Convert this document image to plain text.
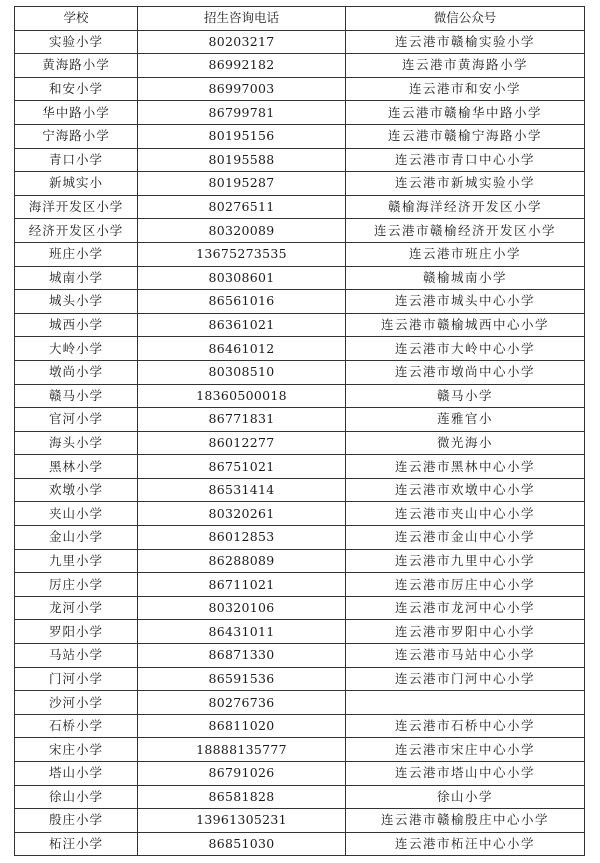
学校	招生咨询电话	微信公众号
实验小学	80203217	连云港市赣榆实验小学
黄海路小学	86992182	连云港市黄海路小学
和安小学	86997003	连云港市和安小学
华中路小学	86799781	连云港市赣榆华中路小学
宁海路小学	80195156	连云港市赣榆宁海路小学
青口小学	80195588	连云港市青口中心小学
新城实小	80195287	连云港市新城实验小学
海洋开发区小学	80276511	赣榆海洋经济开发区小学
经济开发区小学	80320089	连云港市赣榆经济开发区小学
班庄小学	13675273535	连云港市班庄小学
城南小学	80308601	赣榆城南小学
城头小学	86561016	连云港市城头中心小学
城西小学	86361021	连云港市赣榆城西中心小学
大岭小学	86461012	连云港市大岭中心小学
墩尚小学	80308510	连云港市墩尚中心小学
赣马小学	18360500018	赣马小学
官河小学	86771831	莲雅官小
海头小学	86012277	微光海小
黑林小学	86751021	连云港市黑林中心小学
欢墩小学	86531414	连云港市欢墩中心小学
夹山小学	80320261	连云港市夹山中心小学
金山小学	86012853	连云港市金山中心小学
九里小学	86288089	连云港市九里中心小学
厉庄小学	86711021	连云港市厉庄中心小学
龙河小学	80320106	连云港市龙河中心小学
罗阳小学	86431011	连云港市罗阳中心小学
马站小学	86871330	连云港市马站中心小学
门河小学	86591536	连云港市门河中心小学
沙河小学	80276736	
石桥小学	86811020	连云港市石桥中心小学
宋庄小学	18888135777	连云港市宋庄中心小学
塔山小学	86791026	连云港市塔山中心小学
徐山小学	86581828	徐山小学
殷庄小学	13961305231	连云港市赣榆殷庄中心小学
柘汪小学	86851030	连云港市柘汪中心小学
